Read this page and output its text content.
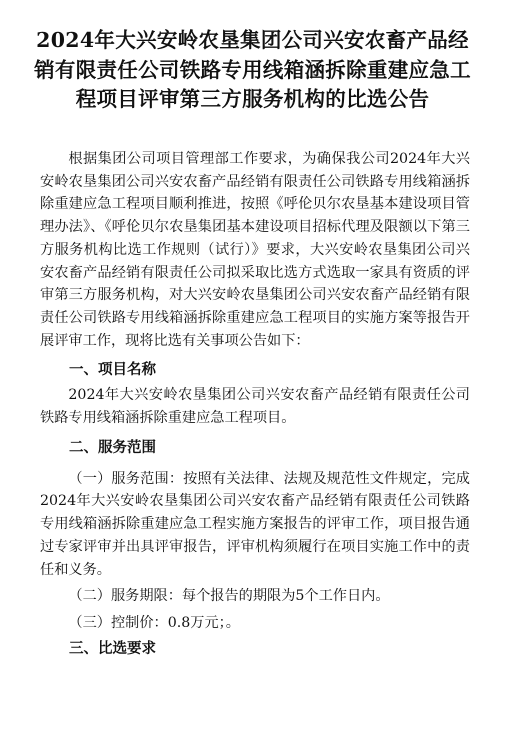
2024年大兴安岭农垦集团公司兴安农畜产品经销有限责任公司铁路专用线箱涵拆除重建应急工程项目评审第三方服务机构的比选公告

根据集团公司项目管理部工作要求，为确保我公司2024年大兴安岭农垦集团公司兴安农畜产品经销有限责任公司铁路专用线箱涵拆除重建应急工程项目顺利推进，按照《呼伦贝尔农垦基本建设项目管理办法》、《呼伦贝尔农垦集团基本建设项目招标代理及限额以下第三方服务机构比选工作规则（试行）》要求，大兴安岭农垦集团公司兴安农畜产品经销有限责任公司拟采取比选方式选取一家具有资质的评审第三方服务机构，对大兴安岭农垦集团公司兴安农畜产品经销有限责任公司铁路专用线箱涵拆除重建应急工程项目的实施方案等报告开展评审工作，现将比选有关事项公告如下：

一、项目名称

2024年大兴安岭农垦集团公司兴安农畜产品经销有限责任公司铁路专用线箱涵拆除重建应急工程项目。

二、服务范围

（一）服务范围：按照有关法律、法规及规范性文件规定，完成2024年大兴安岭农垦集团公司兴安农畜产品经销有限责任公司铁路专用线箱涵拆除重建应急工程实施方案报告的评审工作，项目报告通过专家评审并出具评审报告，评审机构须履行在项目实施工作中的责任和义务。

（二）服务期限：每个报告的期限为5个工作日内。

（三）控制价：0.8万元；。

三、比选要求
